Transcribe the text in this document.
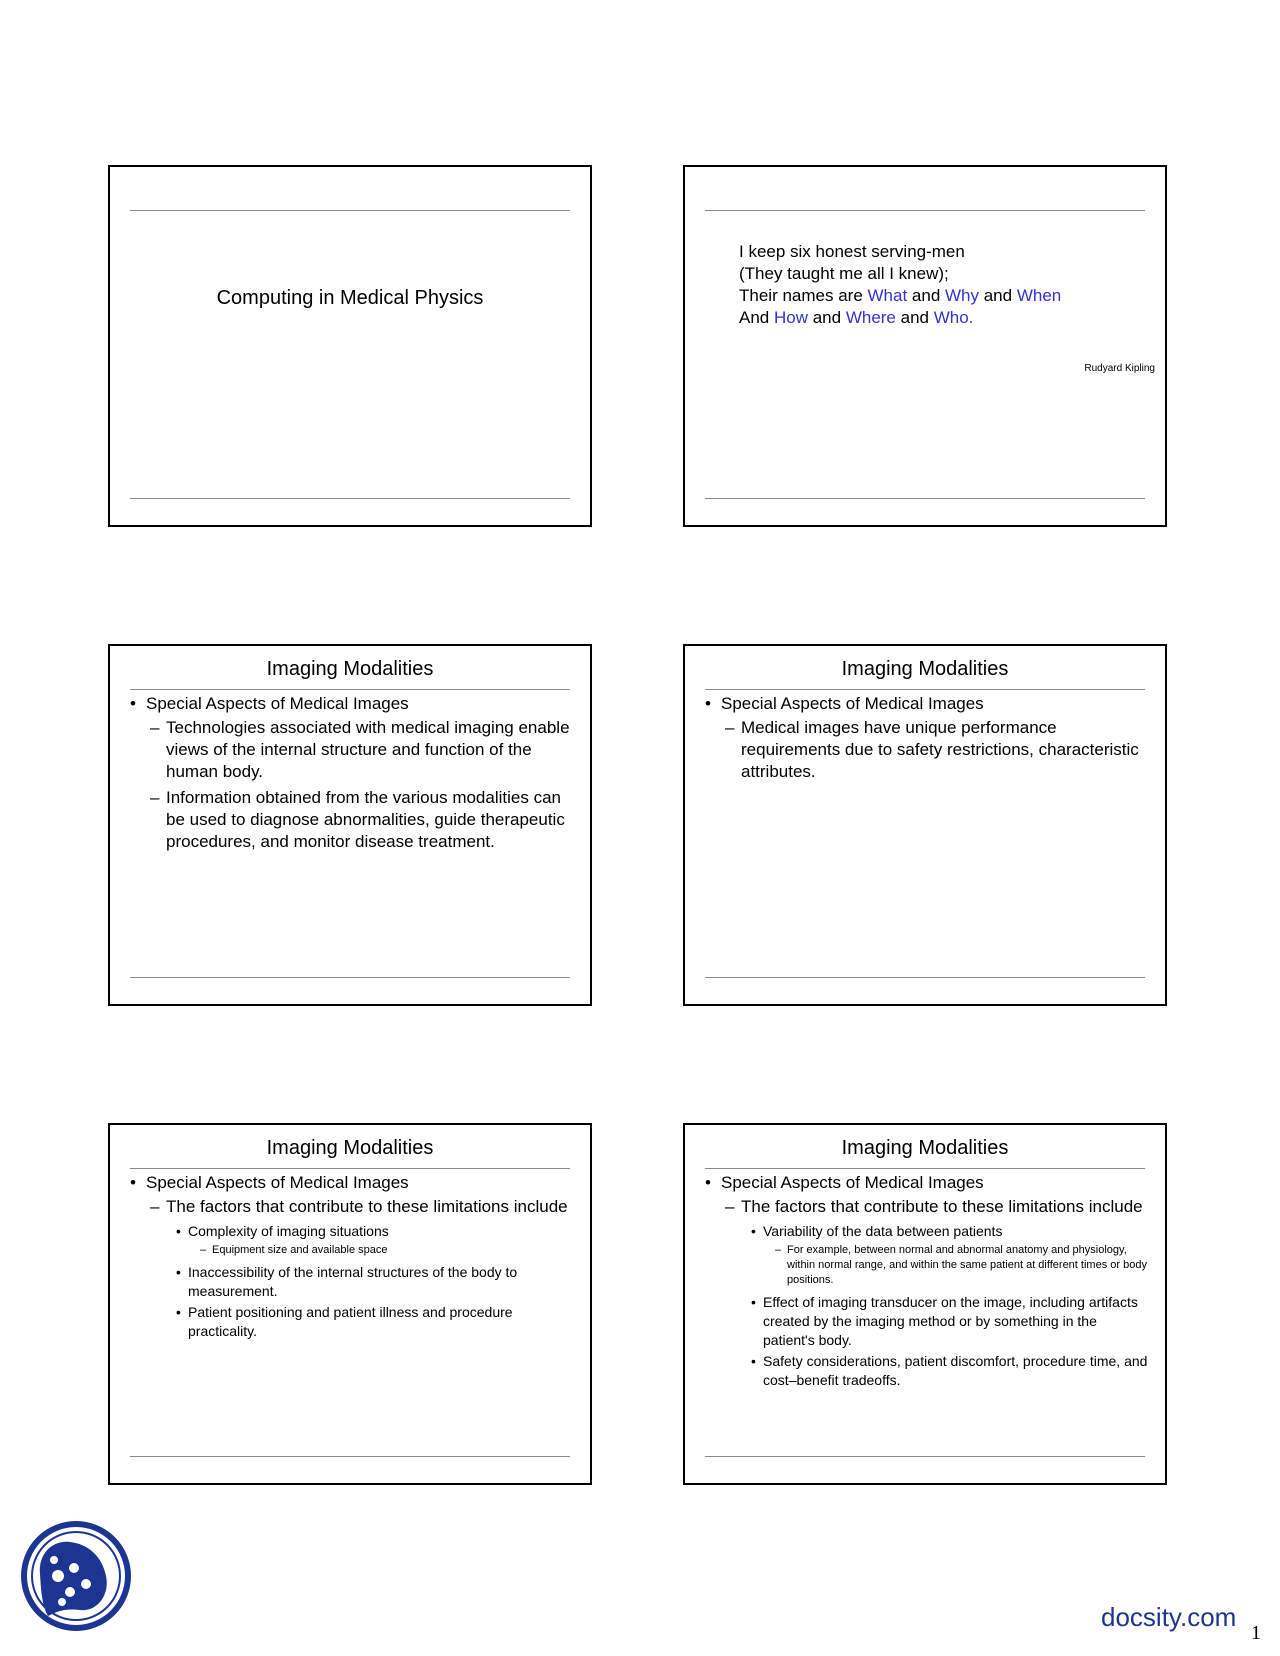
Computing in Medical Physics
I keep six honest serving-men
(They taught me all I knew);
Their names are What and Why and When
And How and Where and Who.
Rudyard Kipling
Imaging Modalities
• Special Aspects of Medical Images
– Technologies associated with medical imaging enable views of the internal structure and function of the human body.
– Information obtained from the various modalities can be used to diagnose abnormalities, guide therapeutic procedures, and monitor disease treatment.
Imaging Modalities
• Special Aspects of Medical Images
– Medical images have unique performance requirements due to safety restrictions, characteristic attributes.
Imaging Modalities
• Special Aspects of Medical Images
– The factors that contribute to these limitations include
• Complexity of imaging situations
– Equipment size and available space
• Inaccessibility of the internal structures of the body to measurement.
• Patient positioning and patient illness and procedure practicality.
Imaging Modalities
• Special Aspects of Medical Images
– The factors that contribute to these limitations include
• Variability of the data between patients
– For example, between normal and abnormal anatomy and physiology, within normal range, and within the same patient at different times or body positions.
• Effect of imaging transducer on the image, including artifacts created by the imaging method or by something in the patient's body.
• Safety considerations, patient discomfort, procedure time, and cost–benefit tradeoffs.
docsity.com
1
